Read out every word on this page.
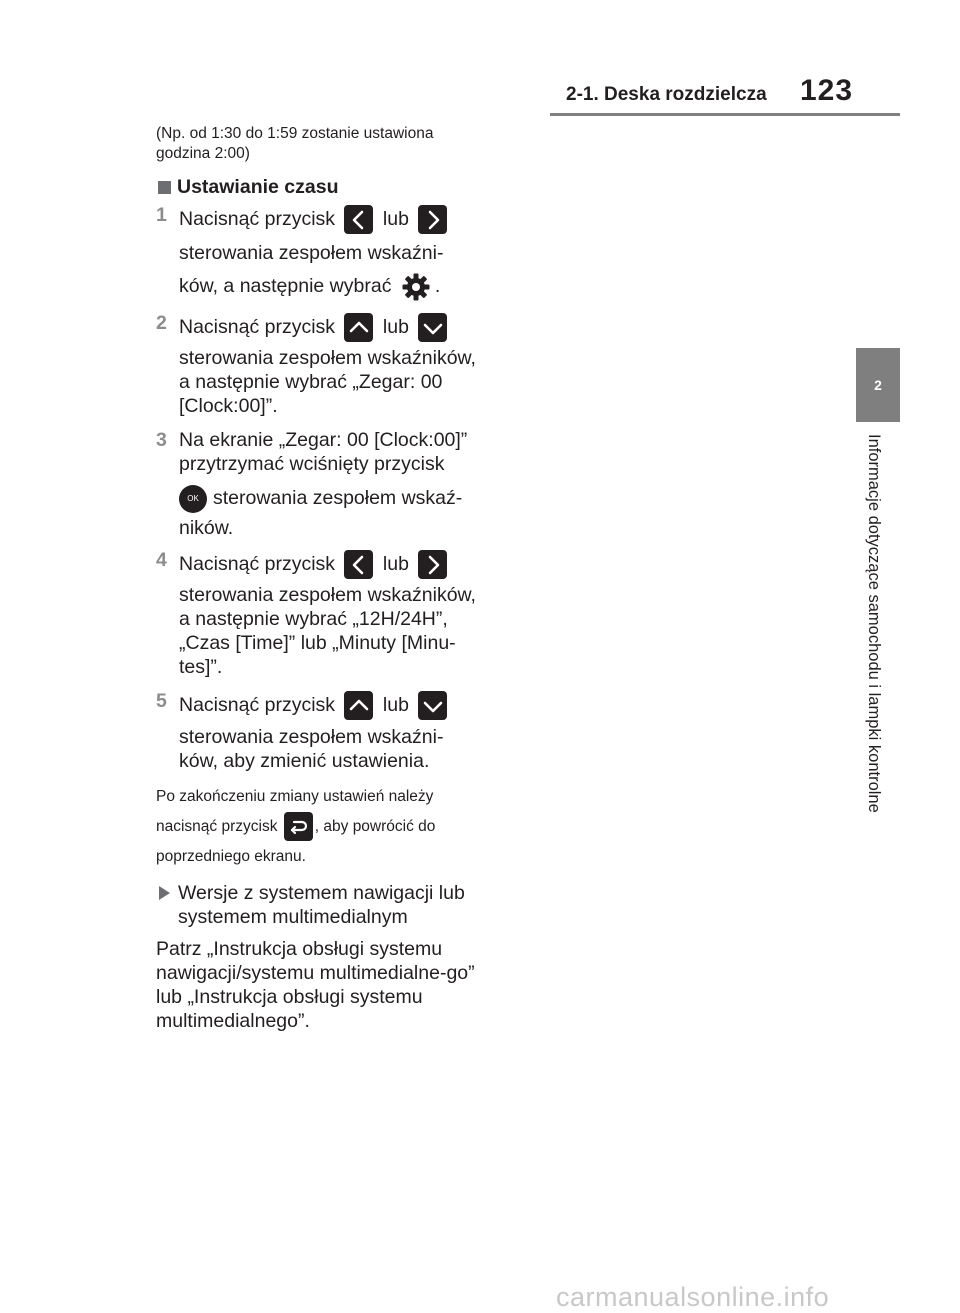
2-1. Deska rozdzielcza 123
2
Informacje dotyczące samochodu i lampki kontrolne

(Np. od 1:30 do 1:59 zostanie ustawiona godzina 2:00)

Ustawianie czasu
1 Nacisnąć przycisk lub
sterowania zespołem wskaźni-
ków, a następnie wybrać .
2 Nacisnąć przycisk lub
sterowania zespołem wskaźników, a następnie wybrać „Zegar: 00 [Clock:00]”.
3 Na ekranie „Zegar: 00 [Clock:00]” przytrzymać wciśnięty przycisk
OK sterowania zespołem wskaź-
ników.
4 Nacisnąć przycisk lub
sterowania zespołem wskaźników, a następnie wybrać „12H/24H”, „Czas [Time]” lub „Minuty [Minu-tes]”.
5 Nacisnąć przycisk lub
sterowania zespołem wskaźni-ków, aby zmienić ustawienia.
Po zakończeniu zmiany ustawień należy
nacisnąć przycisk , aby powrócić do
poprzedniego ekranu.
Wersje z systemem nawigacji lub systemem multimedialnym

Patrz „Instrukcja obsługi systemu nawigacji/systemu multimedialne-go” lub „Instrukcja obsługi systemu multimedialnego”.

carmanualsonline.info
